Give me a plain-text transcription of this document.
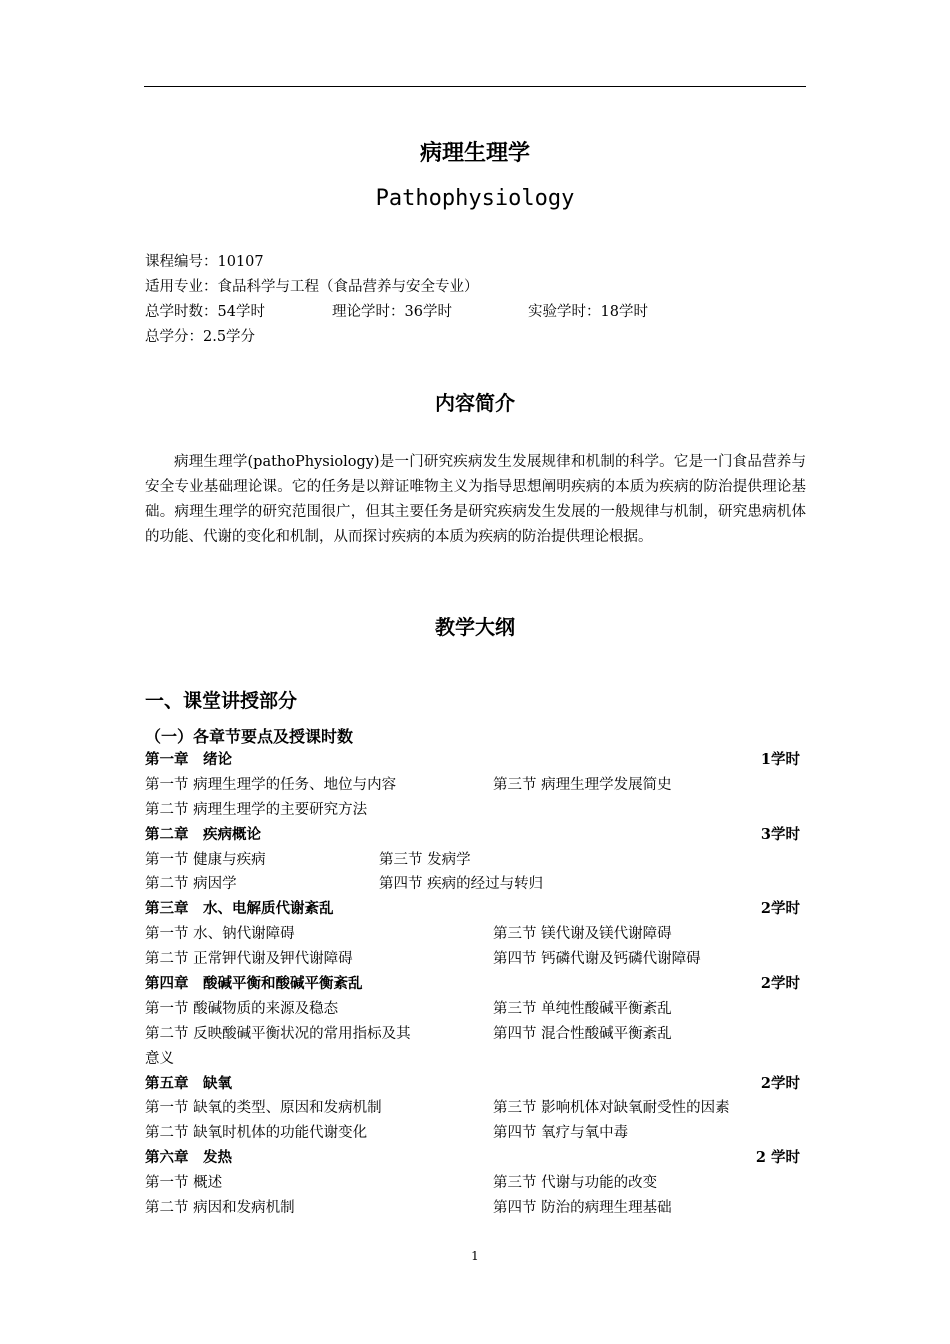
病理生理学
Pathophysiology
课程编号：10107
适用专业：食品科学与工程（食品营养与安全专业）
总学时数：54学时	理论学时：36学时	实验学时：18学时
总学分：2.5学分
内容简介
病理生理学(pathoPhysiology)是一门研究疾病发生发展规律和机制的科学。它是一门食品营养与安全专业基础理论课。它的任务是以辩证唯物主义为指导思想阐明疾病的本质为疾病的防治提供理论基础。病理生理学的研究范围很广，但其主要任务是研究疾病发生发展的一般规律与机制，研究患病机体的功能、代谢的变化和机制，从而探讨疾病的本质为疾病的防治提供理论根据。
教学大纲
一、课堂讲授部分
（一）各章节要点及授课时数
第一章　绪论	1学时
第一节 病理生理学的任务、地位与内容	第三节 病理生理学发展简史
第二节 病理生理学的主要研究方法
第二章　疾病概论	3学时
第一节 健康与疾病	第三节 发病学
第二节 病因学	第四节 疾病的经过与转归
第三章　水、电解质代谢紊乱	2学时
第一节 水、钠代谢障碍	第三节 镁代谢及镁代谢障碍
第二节 正常钾代谢及钾代谢障碍	第四节 钙磷代谢及钙磷代谢障碍
第四章　酸碱平衡和酸碱平衡紊乱	2学时
第一节 酸碱物质的来源及稳态	第三节 单纯性酸碱平衡紊乱
第二节 反映酸碱平衡状况的常用指标及其	第四节 混合性酸碱平衡紊乱
意义
第五章　缺氧	2学时
第一节 缺氧的类型、原因和发病机制	第三节 影响机体对缺氧耐受性的因素
第二节 缺氧时机体的功能代谢变化	第四节 氧疗与氧中毒
第六章　发热	2 学时
第一节 概述	第三节 代谢与功能的改变
第二节 病因和发病机制	第四节 防治的病理生理基础
1
